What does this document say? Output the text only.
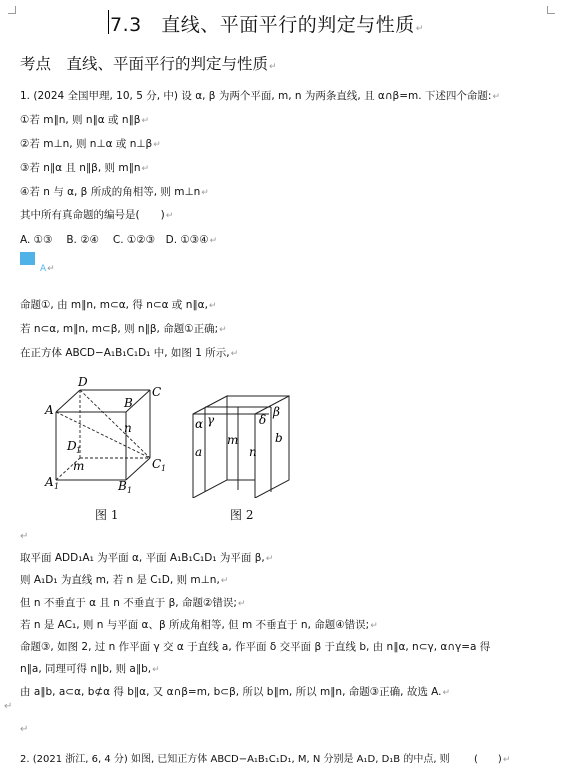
7.3　直线、平面平行的判定与性质↵
考点　直线、平面平行的判定与性质↵
1. (2024 全国甲理, 10, 5 分, 中) 设 α, β 为两个平面, m, n 为两条直线, 且 α∩β=m. 下述四个命题:↵
①若 m∥n, 则 n∥α 或 n∥β↵
②若 m⊥n, 则 n⊥α 或 n⊥β↵
③若 n∥α 且 n∥β, 则 m∥n↵
④若 n 与 α, β 所成的角相等, 则 m⊥n↵
其中所有真命题的编号是(　　)↵
A. ①③　 B. ②④　 C. ①②③　D. ①③④↵
A↵
命题①, 由 m∥n, m⊂α, 得 n⊂α 或 n∥α,↵
若 n⊂α, m∥n, m⊂β, 则 n∥β, 命题①正确;↵
在正方体 ABCD−A₁B₁C₁D₁ 中, 如图 1 所示,↵
D
C
A	B
D 1
C 1
A 1	B 1
m
n
图 1
α γ	δ
β
a
m
n
b
图 2
↵
取平面 ADD₁A₁ 为平面 α, 平面 A₁B₁C₁D₁ 为平面 β,↵
则 A₁D₁ 为直线 m, 若 n 是 C₁D, 则 m⊥n,↵
但 n 不垂直于 α 且 n 不垂直于 β, 命题②错误;↵
若 n 是 AC₁, 则 n 与平面 α、β 所成角相等, 但 m 不垂直于 n, 命题④错误;↵
命题③, 如图 2, 过 n 作平面 γ 交 α 于直线 a, 作平面 δ 交平面 β 于直线 b, 由 n∥α, n⊂γ, α∩γ=a 得
n∥a, 同理可得 n∥b, 则 a∥b,↵
由 a∥b, a⊂α, b⊄α 得 b∥α, 又 α∩β=m, b⊂β, 所以 b∥m, 所以 m∥n, 命题③正确, 故选 A.↵
↵
↵
2. (2021 浙江, 6, 4 分) 如图, 已知正方体 ABCD−A₁B₁C₁D₁, M, N 分别是 A₁D, D₁B 的中点, 则 (　　)↵
